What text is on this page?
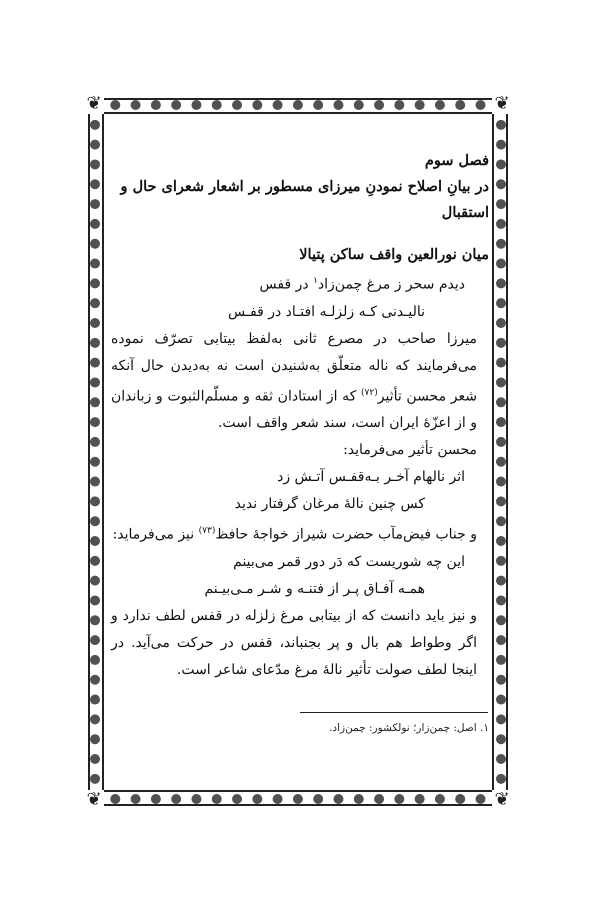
❦	❦
❦	❦

فصل سوم

در بیانِ اصلاح نمودنِ میرزای مسطور بر اشعار شعرای حال و استقبال

میان نورالعین واقف ساکن پتیالا

دیدم سحر ز مرغ چمن‌زاد$^۱$ در قفس

نالیـدنی کـه زلزلـه افتـاد در قفـس

میرزا صاحب در مصرع ثانی به‌لفظ بیتابی تصرّف نموده می‌فرمایند که ناله متعلّق به‌شنیدن است نه به‌دیدن حال آنکه شعر محسن تأثیر$^{(۷۲)}$ که از استادان ثقه و مسلّم‌الثبوت و زباندان و از اعزّهٔ ایران است، سند شعر واقف است.

محسن تأثیر می‌فرماید:

اثر نالهام آخـر بـه‌قفـس آتـش زد

کس چنین نالهٔ مرغان گرفتار ندید

و جناب فیض‌مآب حضرت شیراز خواجهٔ حافظ$^{(۷۳)}$ نیز می‌فرماید:

این چه شوریست که دَر دور قمر می‌بینم

همـه آفـاق پـر از فتنـه و شـر مـی‌بیـنم

و نیز باید دانست که از بیتابی مرغ زلزله در قفس لطف ندارد و اگر وطواط هم بال و پر بجنباند، قفس در حرکت می‌آید. در اینجا لطف صولت تأثیر نالهٔ مرغ مدّعای شاعر است.

۱. اصل: چمن‌زار؛ نولکشور: چمن‌زاد.
